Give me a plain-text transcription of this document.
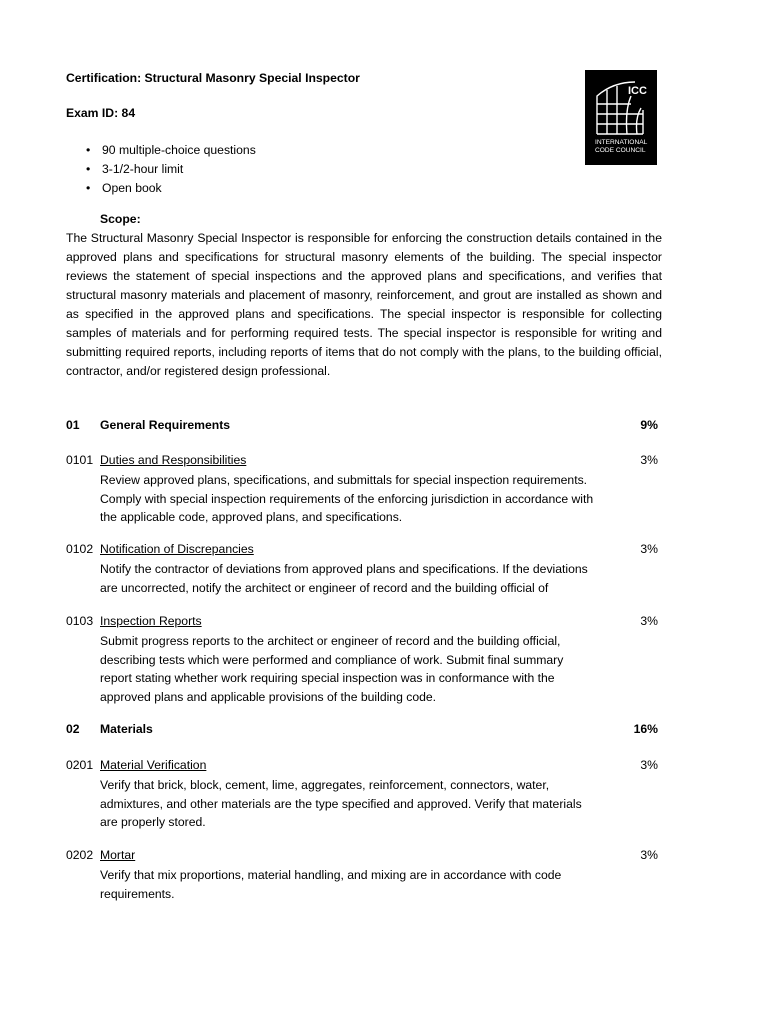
Certification: Structural Masonry Special Inspector
Exam ID: 84
• 90 multiple-choice questions
• 3-1/2-hour limit
• Open book
ICC
INTERNATIONAL
CODE COUNCIL
Scope:

The Structural Masonry Special Inspector is responsible for enforcing the construction details contained in the approved plans and specifications for structural masonry elements of the building. The special inspector reviews the statement of special inspections and the approved plans and specifications, and verifies that structural masonry materials and placement of masonry, reinforcement, and grout are installed as shown and as specified in the approved plans and specifications. The special inspector is responsible for collecting samples of materials and for performing required tests. The special inspector is responsible for writing and submitting required reports, including reports of items that do not comply with the plans, to the building official, contractor, and/or registered design professional.

01 General Requirements	9%
0101 Duties and Responsibilities	3%
Review approved plans, specifications, and submittals for special inspection requirements.
Comply with special inspection requirements of the enforcing jurisdiction in accordance with
the applicable code, approved plans, and specifications.
0102 Notification of Discrepancies	3%
Notify the contractor of deviations from approved plans and specifications. If the deviations
are uncorrected, notify the architect or engineer of record and the building official of
0103 Inspection Reports	3%
Submit progress reports to the architect or engineer of record and the building official,
describing tests which were performed and compliance of work. Submit final summary
report stating whether work requiring special inspection was in conformance with the
approved plans and applicable provisions of the building code.
02 Materials	16%
0201 Material Verification	3%
Verify that brick, block, cement, lime, aggregates, reinforcement, connectors, water,
admixtures, and other materials are the type specified and approved. Verify that materials
are properly stored.
0202 Mortar	3%
Verify that mix proportions, material handling, and mixing are in accordance with code
requirements.
